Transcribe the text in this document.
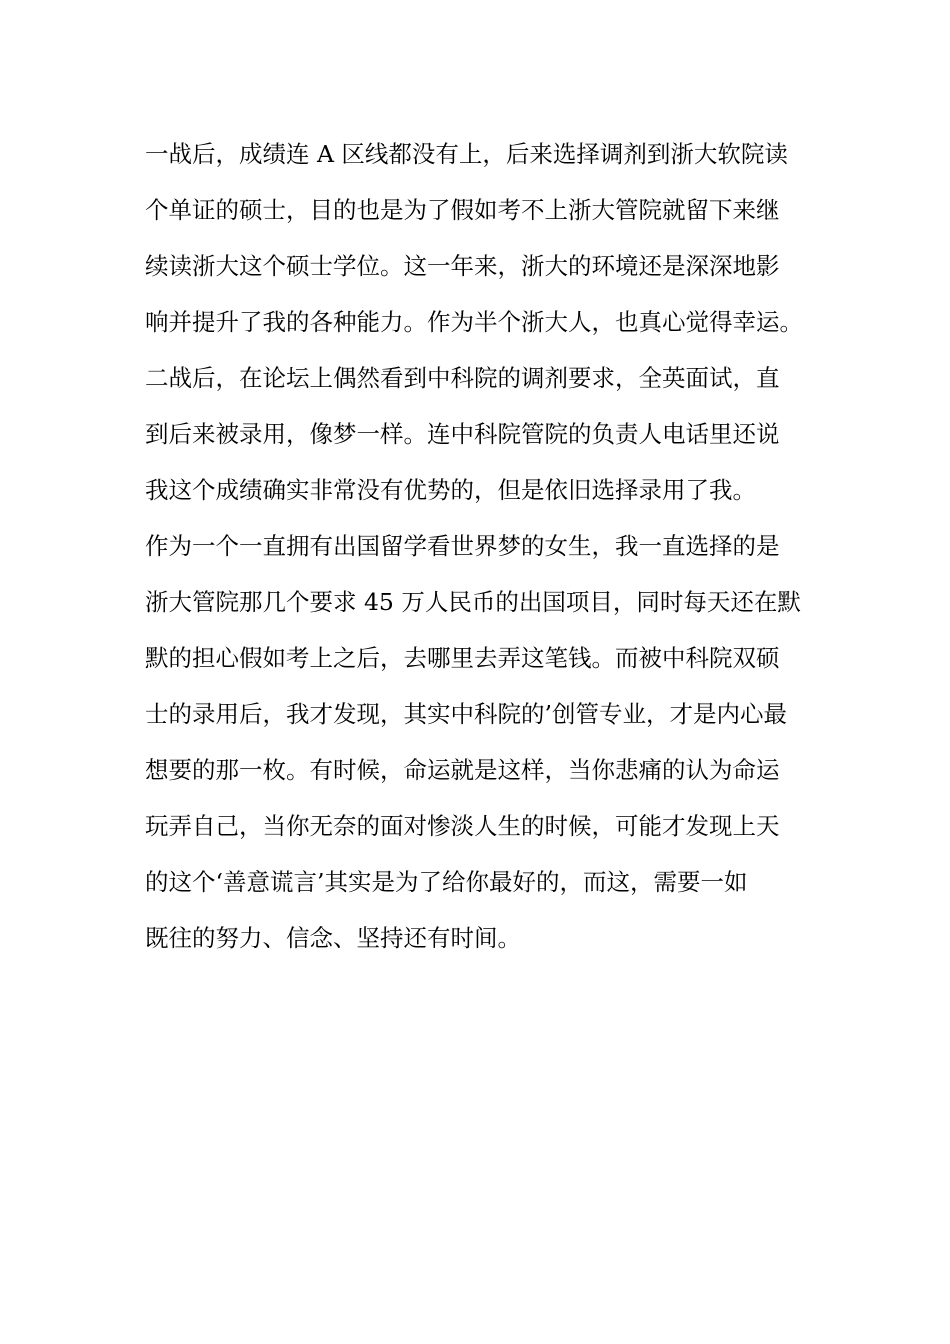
一战后，成绩连 A 区线都没有上，后来选择调剂到浙大软院读
个单证的硕士，目的也是为了假如考不上浙大管院就留下来继
续读浙大这个硕士学位。这一年来，浙大的环境还是深深地影
响并提升了我的各种能力。作为半个浙大人，也真心觉得幸运。
二战后，在论坛上偶然看到中科院的调剂要求，全英面试，直
到后来被录用，像梦一样。连中科院管院的负责人电话里还说
我这个成绩确实非常没有优势的，但是依旧选择录用了我。
作为一个一直拥有出国留学看世界梦的女生，我一直选择的是
浙大管院那几个要求 45 万人民币的出国项目，同时每天还在默
默的担心假如考上之后，去哪里去弄这笔钱。而被中科院双硕
士的录用后，我才发现，其实中科院的’创管专业，才是内心最
想要的那一枚。有时候，命运就是这样，当你悲痛的认为命运
玩弄自己，当你无奈的面对惨淡人生的时候，可能才发现上天
的这个‘善意谎言’其实是为了给你最好的，而这，需要一如
既往的努力、信念、坚持还有时间。
